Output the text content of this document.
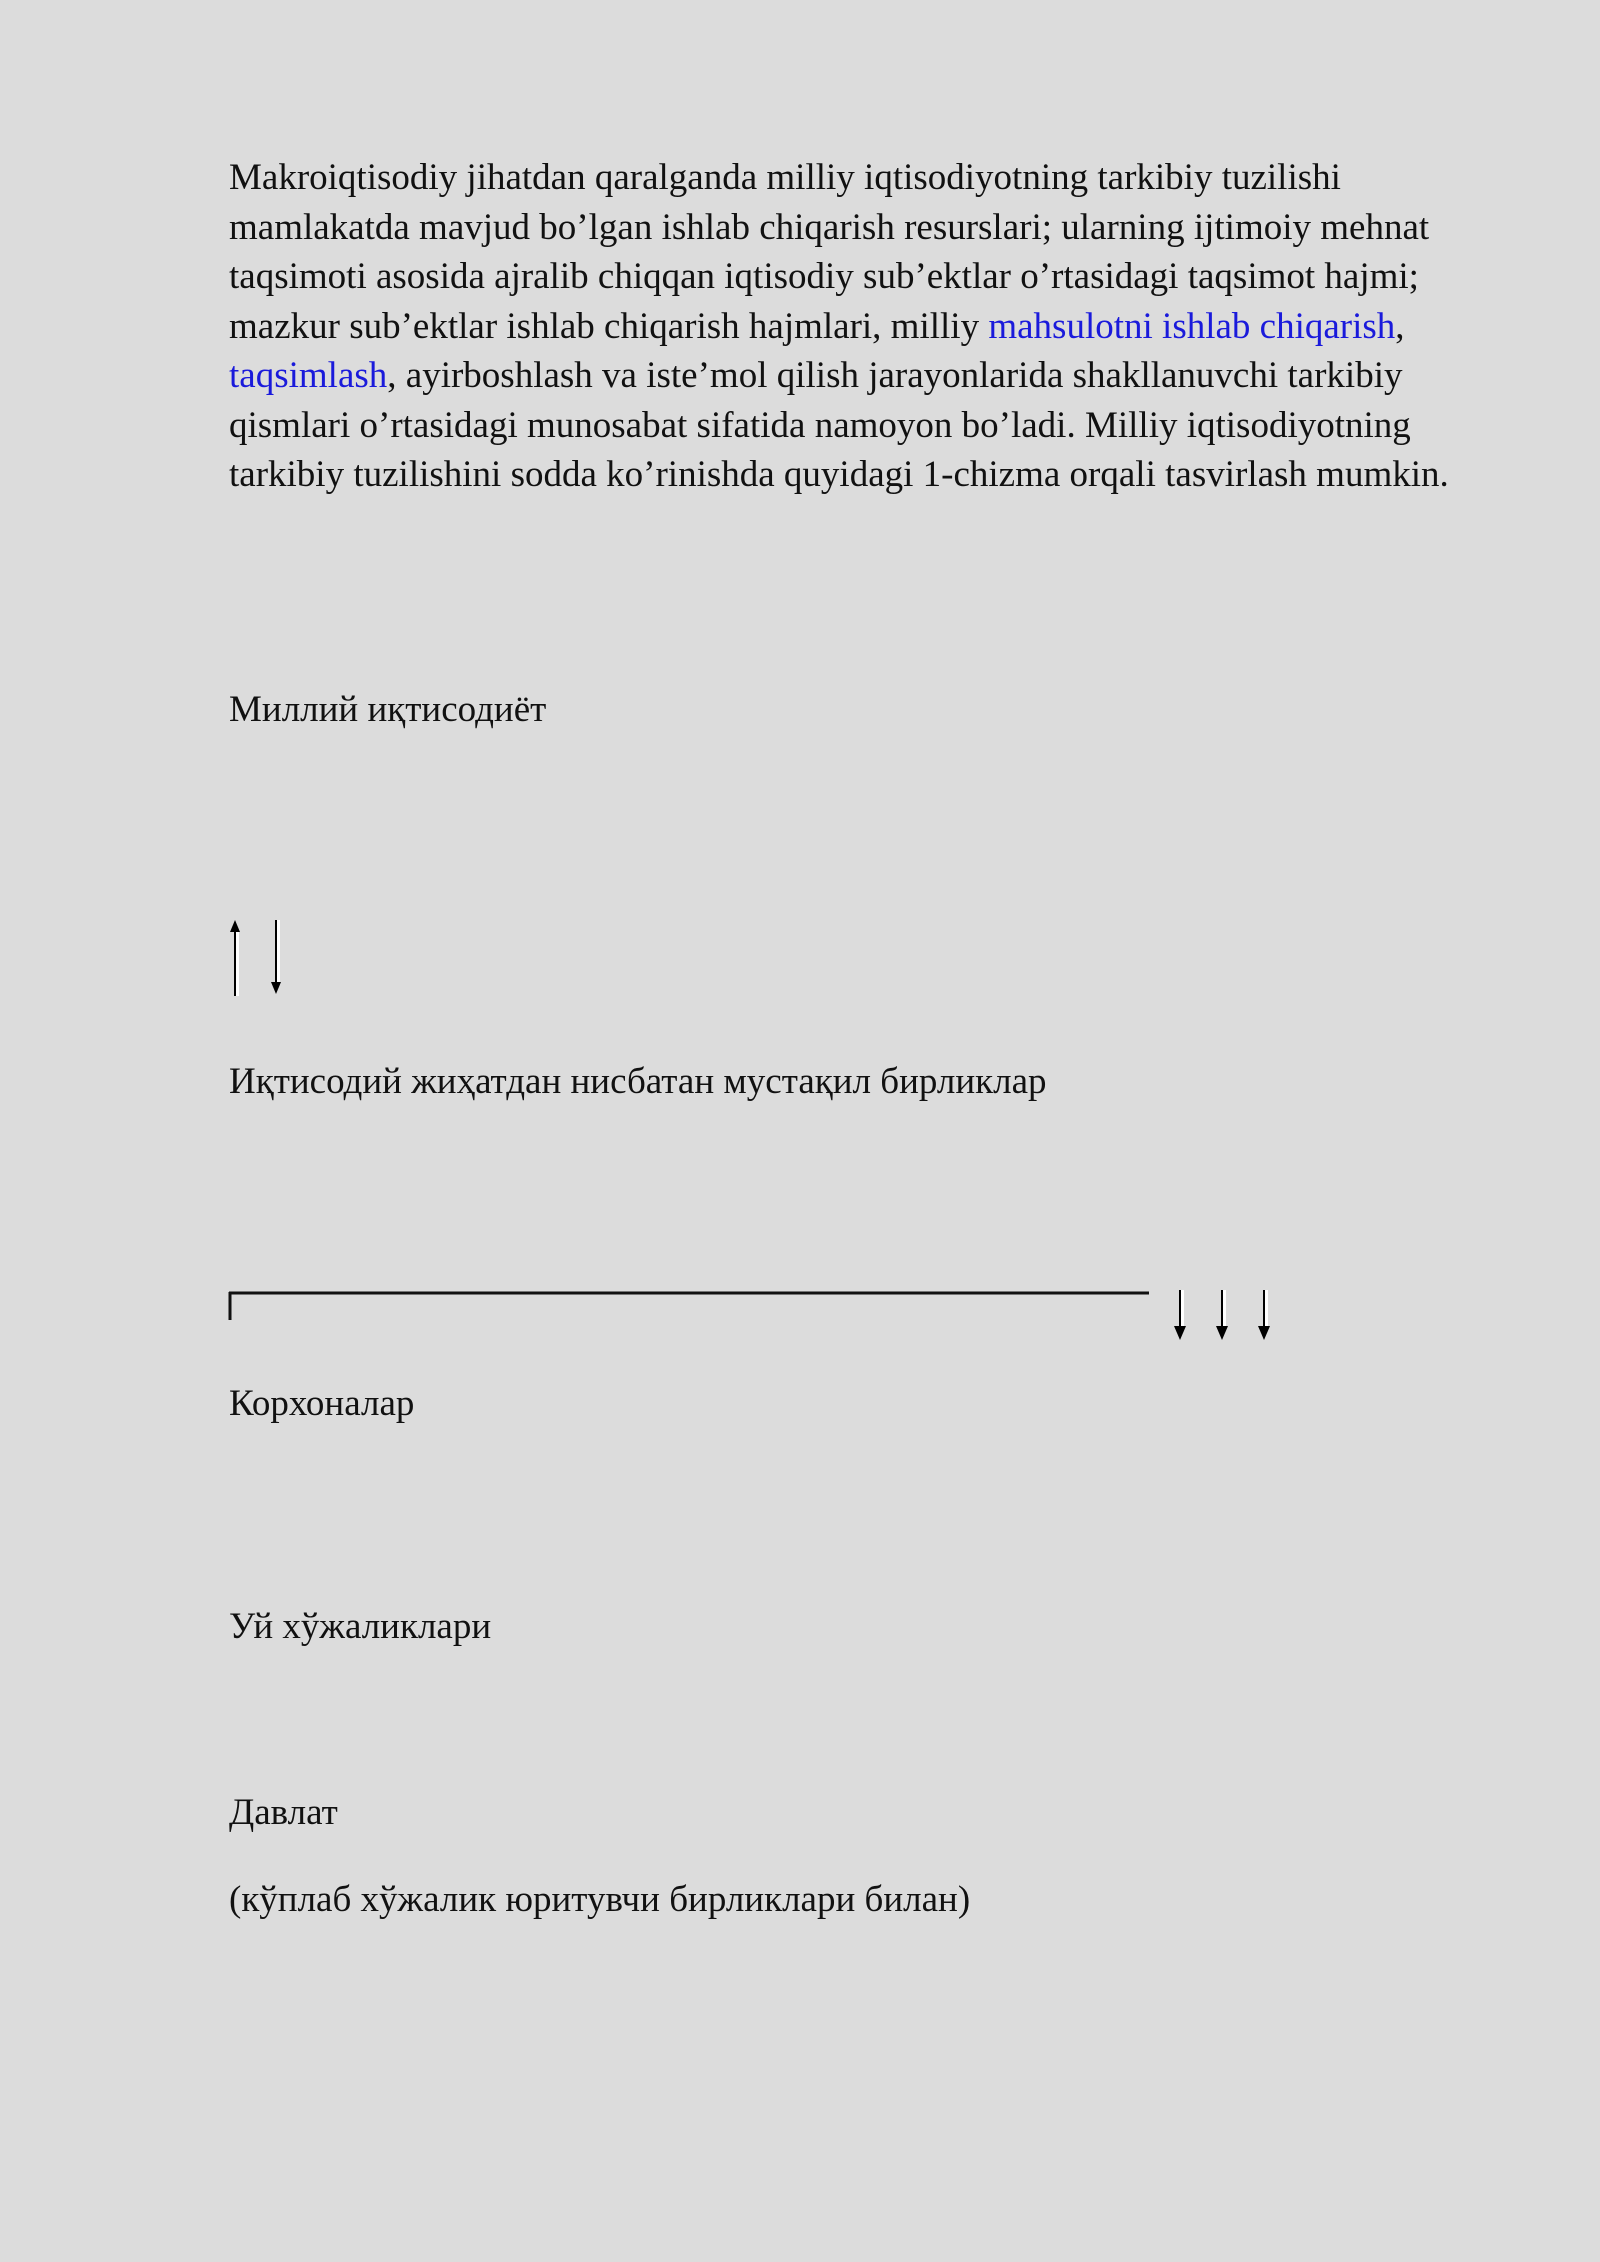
Makroiqtisodiy jihatdan qaralganda milliy iqtisodiyotning tarkibiy tuzilishi mamlakatda mavjud bo’lgan ishlab chiqarish resurslari; ularning ijtimoiy mehnat taqsimoti asosida ajralib chiqqan iqtisodiy sub’ektlar o’rtasidagi taqsimot hajmi; mazkur sub’ektlar ishlab chiqarish hajmlari, milliy mahsulotni ishlab chiqarish, taqsimlash, ayirboshlash va iste’mol qilish jarayonlarida shakllanuvchi tarkibiy qismlari o’rtasidagi munosabat sifatida namoyon bo’ladi. Milliy iqtisodiyotning tarkibiy tuzilishini sodda ko’rinishda quyidagi 1-chizma orqali tasvirlash mumkin.

Миллий иқтисодиёт

Иқтисодий жиҳатдан нисбатан мустақил бирликлар

Корхоналар

Уй хўжаликлари

Давлат

(кўплаб хўжалик юритувчи бирликлари билан)
